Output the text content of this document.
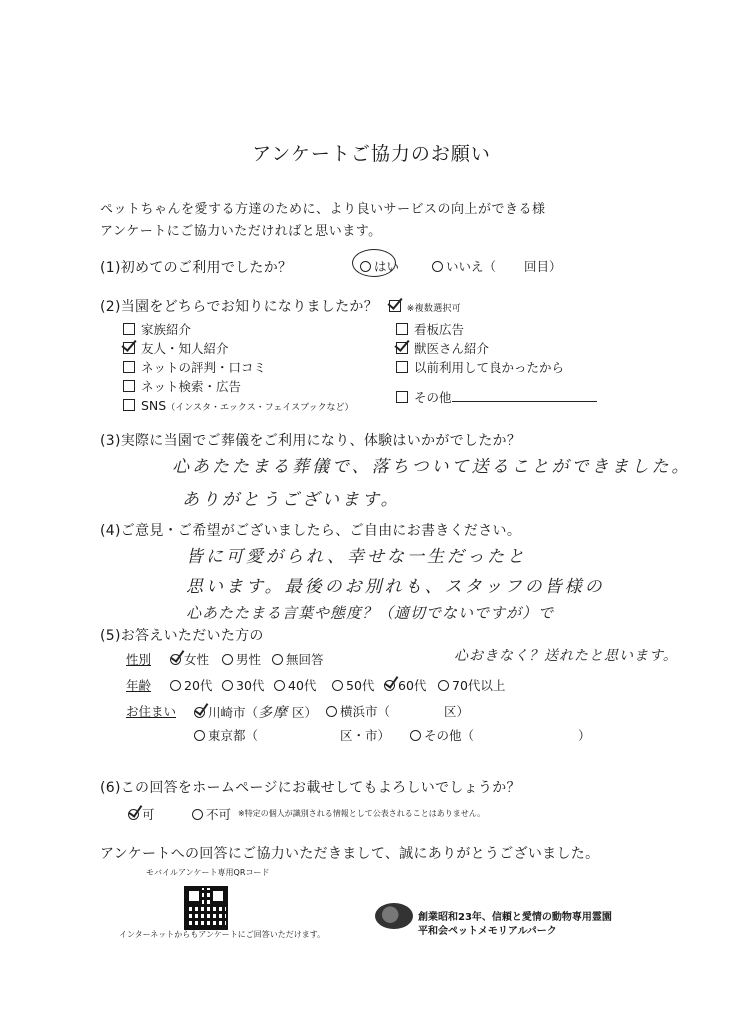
アンケートご協力のお願い
ペットちゃんを愛する方達のために、より良いサービスの向上ができる様
アンケートにご協力いただければと思います。
(1)初めてのご利用でしたか？	はい	いいえ（ 回目）
(2)当園をどちらでお知りになりましたか？	※複数選択可
家族紹介
友人・知人紹介
ネットの評判・口コミ
ネット検索・広告
SNS（インスタ・エックス・フェイスブックなど）
看板広告
獣医さん紹介
以前利用して良かったから
その他
(3)実際に当園でご葬儀をご利用になり、体験はいかがでしたか？
心あたたまる葬儀で、落ちついて送ることができました。
ありがとうございます。
(4)ご意見・ご希望がございましたら、ご自由にお書きください。
皆に可愛がられ、幸せな一生だったと
思います。最後のお別れも、スタッフの皆様の
心あたたまる言葉や態度？（適切でないですが）で
心おきなく？送れたと思います。
(5)お答えいただいた方の
性別	女性	男性	無回答
年齢	20代	30代	40代	50代	60代	70代以上
お住まい	川崎市（多摩 区）	横浜市（	区）
東京都（	区・市）	その他（	）
(6)この回答をホームページにお載せしてもよろしいでしょうか？
可	不可 ※特定の個人が識別される情報として公表されることはありません。
アンケートへの回答にご協力いただきまして、誠にありがとうございました。
モバイルアンケート専用QRコード
インターネットからもアンケートにご回答いただけます。
創業昭和23年、信頼と愛情の動物専用霊園
平和会ペットメモリアルパーク
